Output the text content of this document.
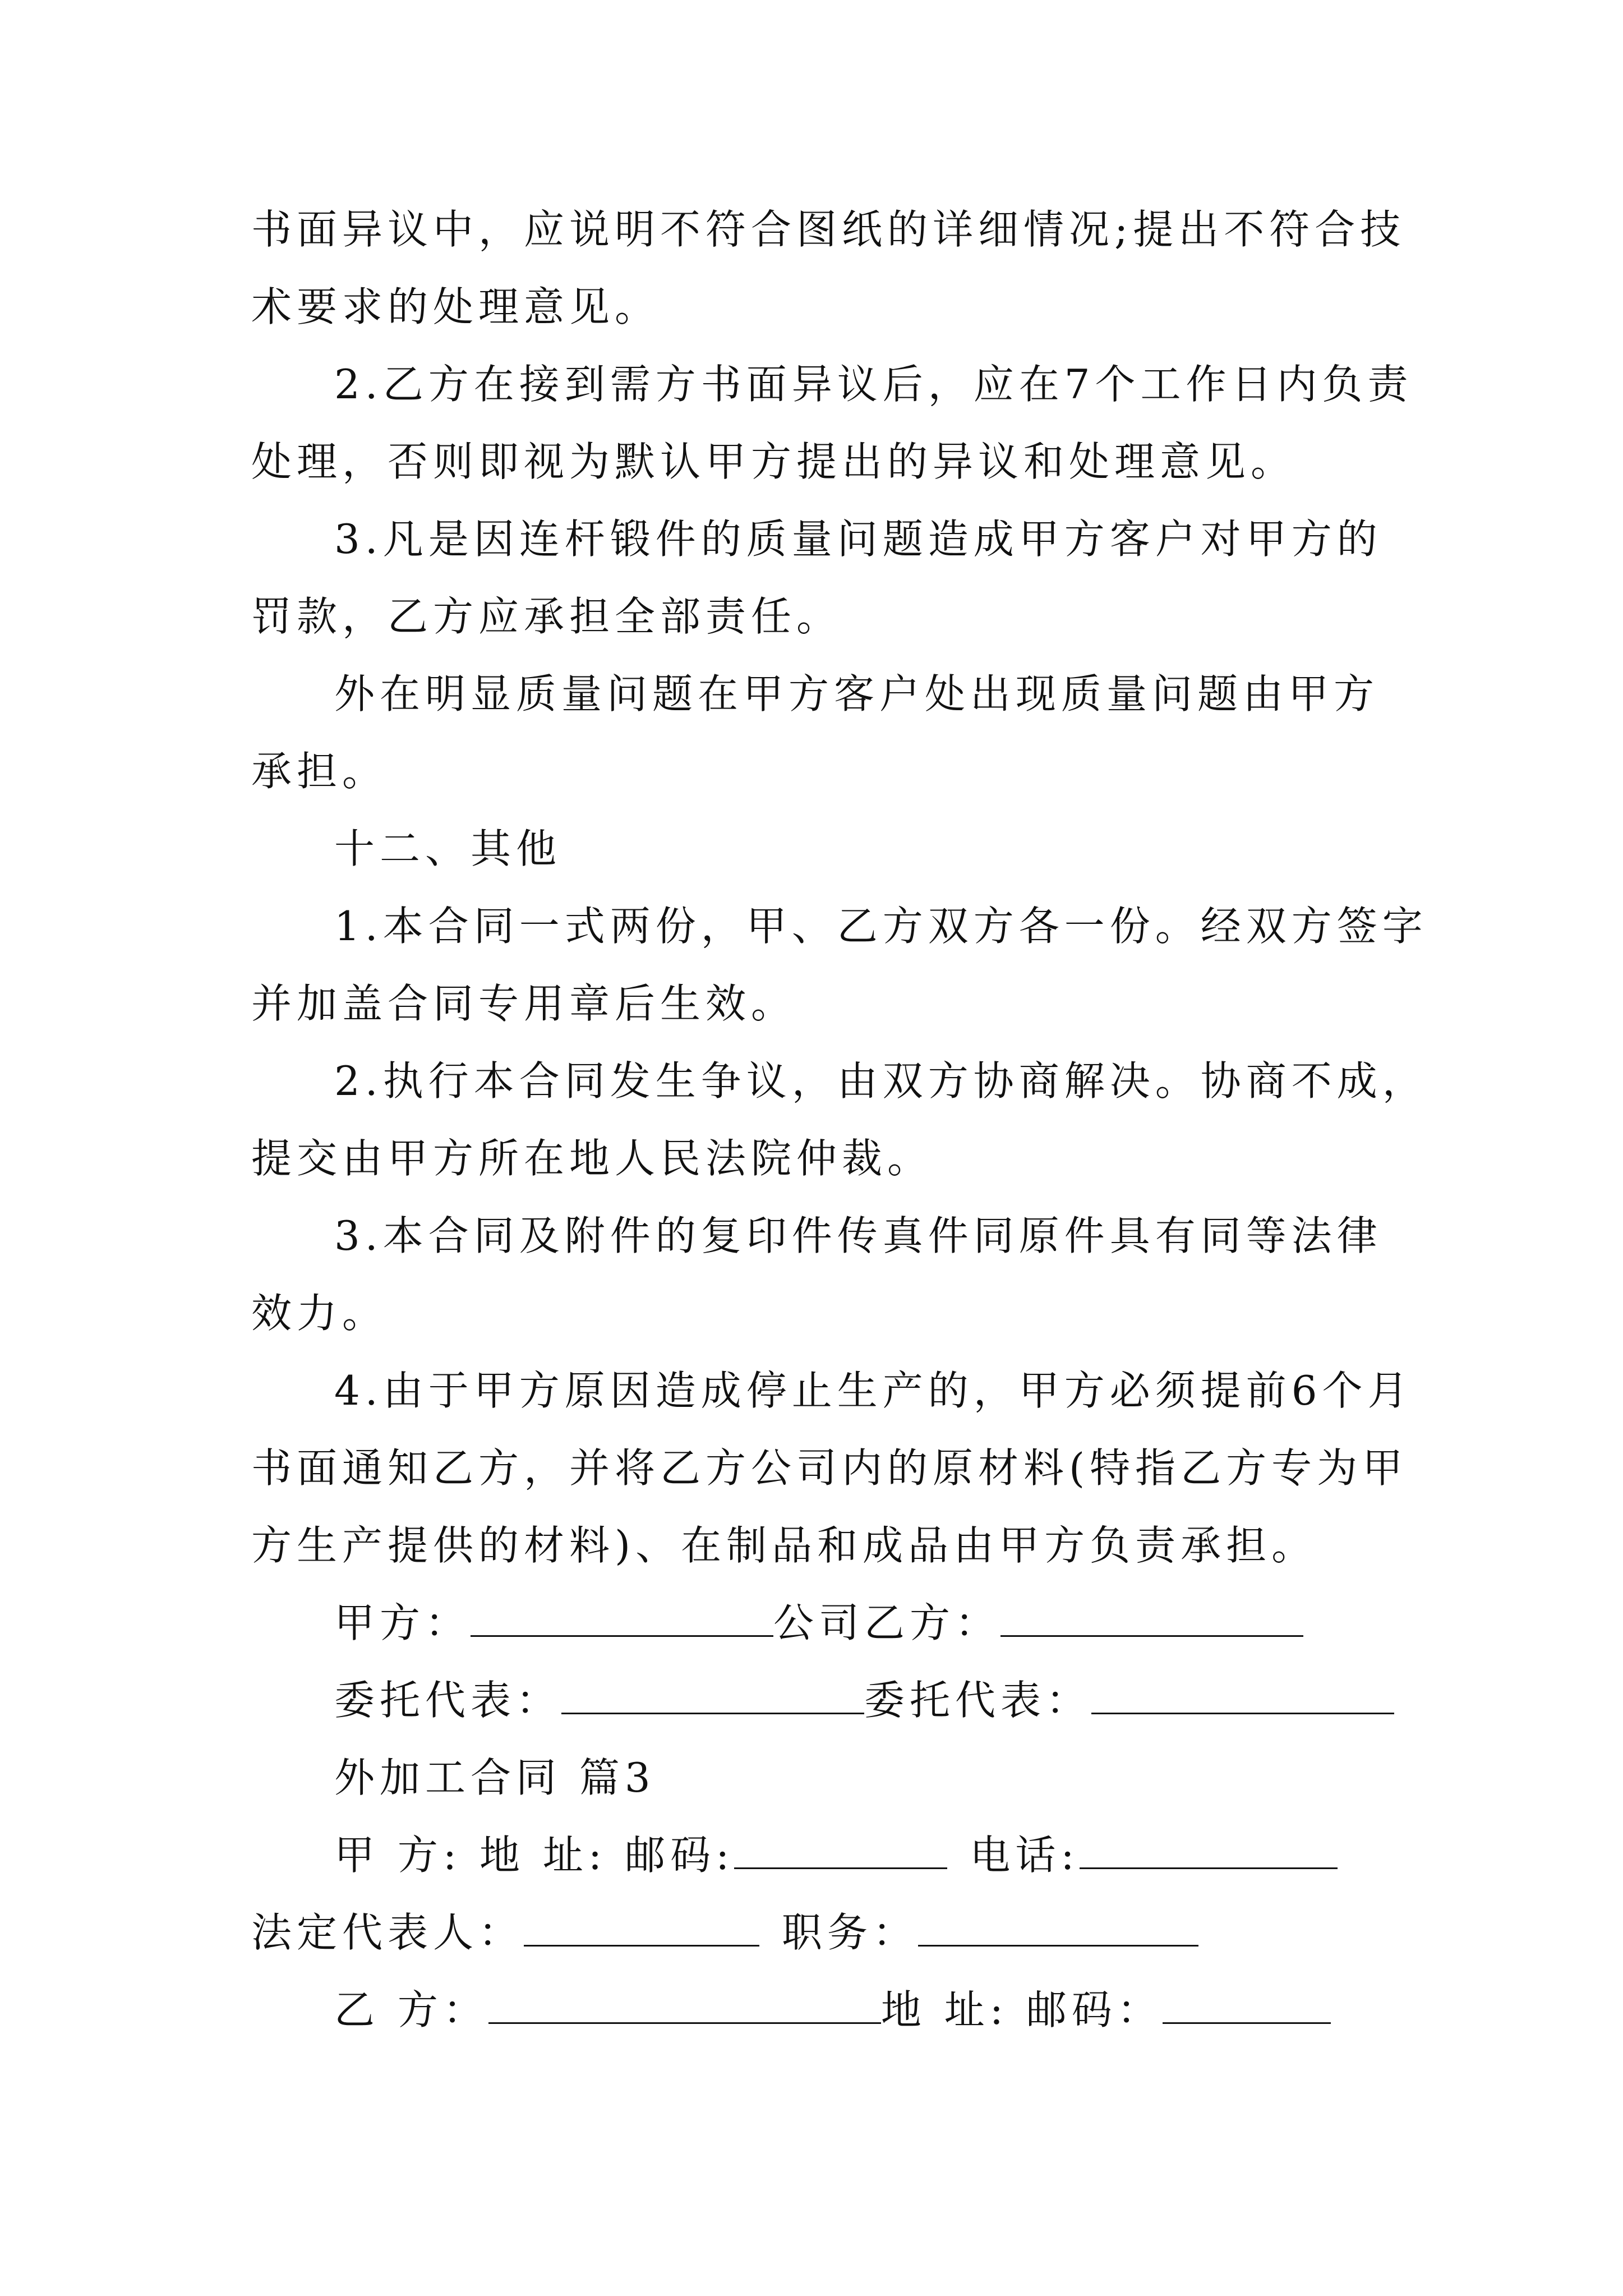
书面异议中，应说明不符合图纸的详细情况;提出不符合技
术要求的处理意见。
2.乙方在接到需方书面异议后，应在7个工作日内负责
处理，否则即视为默认甲方提出的异议和处理意见。
3.凡是因连杆锻件的质量问题造成甲方客户对甲方的
罚款，乙方应承担全部责任。
外在明显质量问题在甲方客户处出现质量问题由甲方
承担。
十二、其他
1.本合同一式两份，甲、乙方双方各一份。经双方签字
并加盖合同专用章后生效。
2.执行本合同发生争议，由双方协商解决。协商不成，
提交由甲方所在地人民法院仲裁。
3.本合同及附件的复印件传真件同原件具有同等法律
效力。
4.由于甲方原因造成停止生产的，甲方必须提前6个月
书面通知乙方，并将乙方公司内的原材料(特指乙方专为甲
方生产提供的材料)、在制品和成品由甲方负责承担。
甲方：	公司乙方：
委托代表：	委托代表：
外加工合同 篇3
甲 方: 地 址: 邮码:	电话:
法定代表人：	职务：
乙 方：	地 址: 邮码：
